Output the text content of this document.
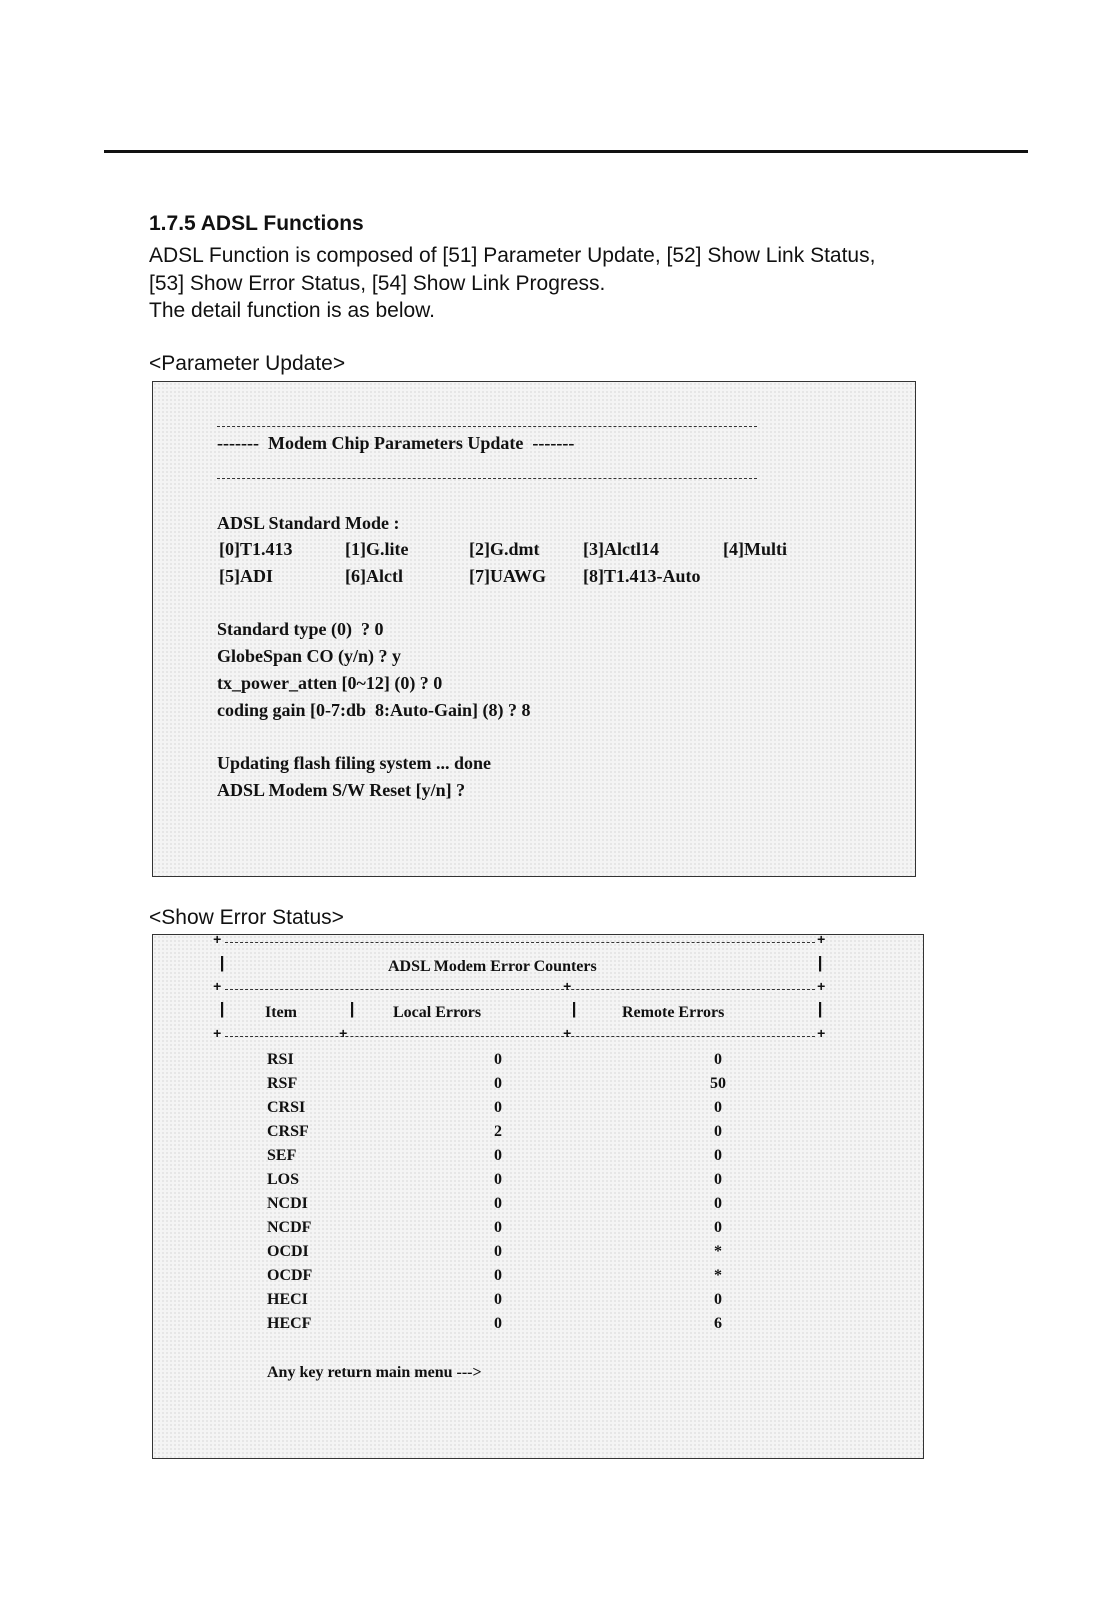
1.7.5 ADSL Functions

ADSL Function is composed of [51] Parameter Update, [52] Show Link Status,
[53] Show Error Status, [54] Show Link Progress.
The detail function is as below.

<Parameter Update>
-------  Modem Chip Parameters Update  -------
ADSL Standard Mode :
[0]T1.413	[1]G.lite	[2]G.dmt	[3]Alctl14	[4]Multi
[5]ADI	[6]Alctl	[7]UAWG	[8]T1.413-Auto
Standard type (0)  ? 0
GlobeSpan CO (y/n) ? y
tx_power_atten [0~12] (0) ? 0
coding gain [0-7:db  8:Auto-Gain] (8) ? 8
Updating flash filing system ... done
ADSL Modem S/W Reset [y/n] ?
<Show Error Status>
+	+
|	ADSL Modem Error Counters	|
+	+	+
| Item	| Local Errors	|	Remote Errors	|
+	+	+	+
RSI	0	0
RSF	0	50
CRSI	0	0
CRSF	2	0
SEF	0	0
LOS	0	0
NCDI	0	0
NCDF	0	0
OCDI	0	*
OCDF	0	*
HECI	0	0
HECF	0	6
Any key return main menu --->
